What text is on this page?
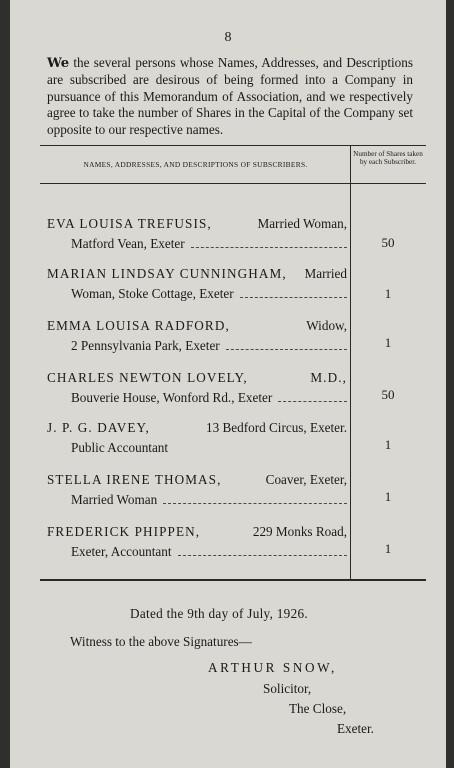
8
We the several persons whose Names, Addresses, and Descriptions are subscribed are desirous of being formed into a Company in pursuance of this Memorandum of Association, and we respectively agree to take the number of Shares in the Capital of the Company set opposite to our respective names.
NAMES, ADDRESSES, AND DESCRIPTIONS OF SUBSCRIBERS.
Number of Shares taken by each Subscriber.
EVA LOUISA TREFUSIS,	Married Woman,
Matford Vean, Exeter	50
MARIAN LINDSAY CUNNINGHAM, Married
Woman, Stoke Cottage, Exeter	1
EMMA LOUISA RADFORD,	Widow,
2 Pennsylvania Park, Exeter	1
CHARLES NEWTON LOVELY,	M.D.,
Bouverie House, Wonford Rd., Exeter	50
J. P. G. DAVEY,	13 Bedford Circus, Exeter.
Public Accountant	1
STELLA IRENE THOMAS,	Coaver, Exeter,
Married Woman	1
FREDERICK PHIPPEN,	229 Monks Road,
Exeter, Accountant	1
Dated the 9th day of July, 1926.
Witness to the above Signatures—
ARTHUR SNOW,
Solicitor,
The Close,
Exeter.
